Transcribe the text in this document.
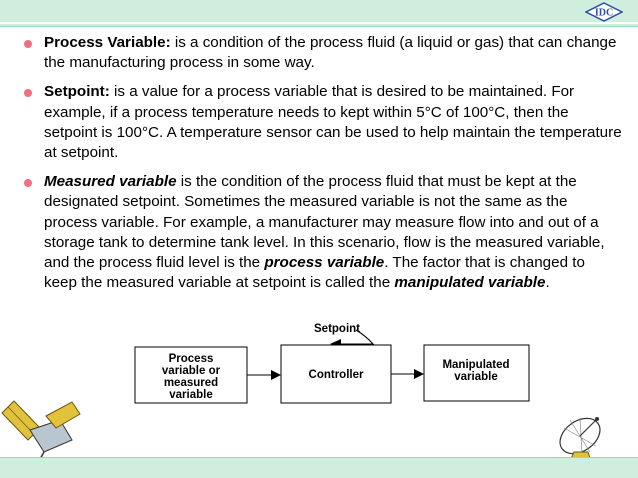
IDC
Process Variable: is a condition of the process fluid (a liquid or gas) that can change the manufacturing process in some way.
Setpoint: is a value for a process variable that is desired to be maintained. For example, if a process temperature needs to kept within 5°C of 100°C, then the setpoint is 100°C. A temperature sensor can be used to help maintain the temperature at setpoint.
Measured variable is the condition of the process fluid that must be kept at the designated setpoint. Sometimes the measured variable is not the same as the process variable. For example, a manufacturer may measure flow into and out of a storage tank to determine tank level. In this scenario, flow is the measured variable, and the process fluid level is the process variable. The factor that is changed to keep the measured variable at setpoint is called the manipulated variable.
Setpoint
Process
variable or
measured
variable
Controller
Manipulated
variable
